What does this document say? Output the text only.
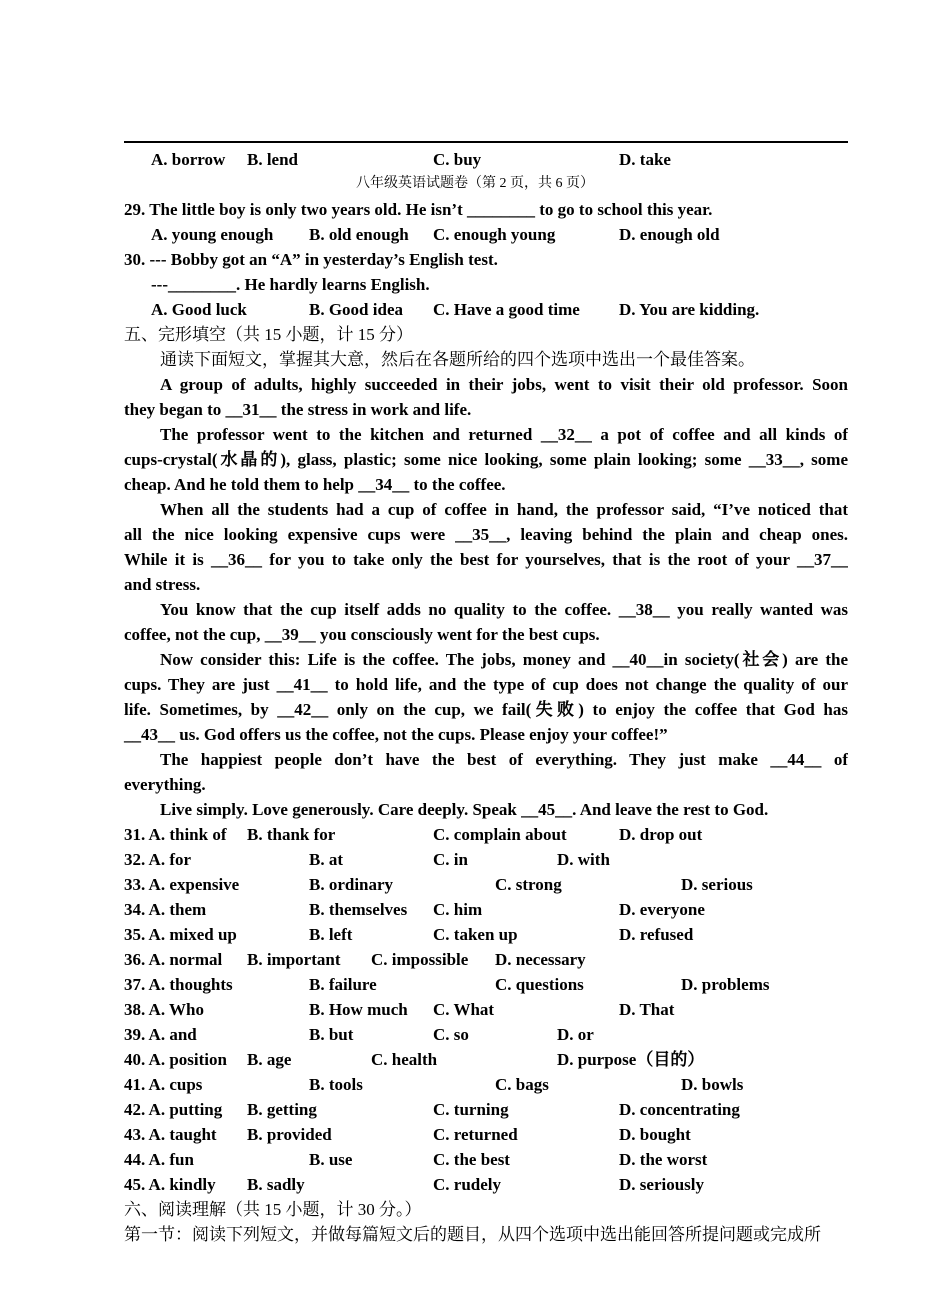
A. borrow B. lend	C. buy	D. take
八年级英语试题卷（第 2 页，共 6 页）
29. The little boy is only two years old. He isn’t ________ to go to school this year.
A. young enough B. old enough C. enough young	D. enough old
30. --- Bobby got an “A” in yesterday’s English test.
---________. He hardly learns English.
A. Good luck	B. Good idea C. Have a good time D. You are kidding.
五、完形填空（共 15 小题，计 15 分）
通读下面短文，掌握其大意，然后在各题所给的四个选项中选出一个最佳答案。
A group of adults, highly succeeded in their jobs, went to visit their old professor. Soon
they began to __31__ the stress in work and life.
The professor went to the kitchen and returned __32__ a pot of coffee and all kinds of
cups-crystal(水晶的), glass, plastic; some nice looking, some plain looking; some __33__, some
cheap. And he told them to help __34__ to the coffee.
When all the students had a cup of coffee in hand, the professor said, “I’ve noticed that
all the nice looking expensive cups were __35__, leaving behind the plain and cheap ones.
While it is __36__ for you to take only the best for yourselves, that is the root of your __37__
and stress.
You know that the cup itself adds no quality to the coffee. __38__ you really wanted was
coffee, not the cup, __39__ you consciously went for the best cups.
Now consider this: Life is the coffee. The jobs, money and __40__in society(社会) are the
cups. They are just __41__ to hold life, and the type of cup does not change the quality of our
life. Sometimes, by __42__ only on the cup, we fail(失败) to enjoy the coffee that God has
__43__ us. God offers us the coffee, not the cups. Please enjoy your coffee!”
The happiest people don’t have the best of everything. They just make __44__ of
everything.
Live simply. Love generously. Care deeply. Speak __45__. And leave the rest to God.
31. A. think of B. thank for	C. complain about	D. drop out
32. A. for	B. at	C. in	D. with
33. A. expensive	B. ordinary	C. strong	D. serious
34. A. them	B. themselves C. him	D. everyone
35. A. mixed up	B. left	C. taken up	D. refused
36. A. normal B. important C. impossible D. necessary
37. A. thoughts	B. failure	C. questions	D. problems
38. A. Who	B. How much C. What	D. That
39. A. and	B. but	C. so	D. or
40. A. position B. age	C. health	D. purpose（目的）
41. A. cups	B. tools	C. bags	D. bowls
42. A. putting B. getting	C. turning	D. concentrating
43. A. taught B. provided	C. returned	D. bought
44. A. fun	B. use	C. the best	D. the worst
45. A. kindly B. sadly	C. rudely	D. seriously
六、阅读理解（共 15 小题，计 30 分。）
第一节：阅读下列短文，并做每篇短文后的题目，从四个选项中选出能回答所提问题或完成所
